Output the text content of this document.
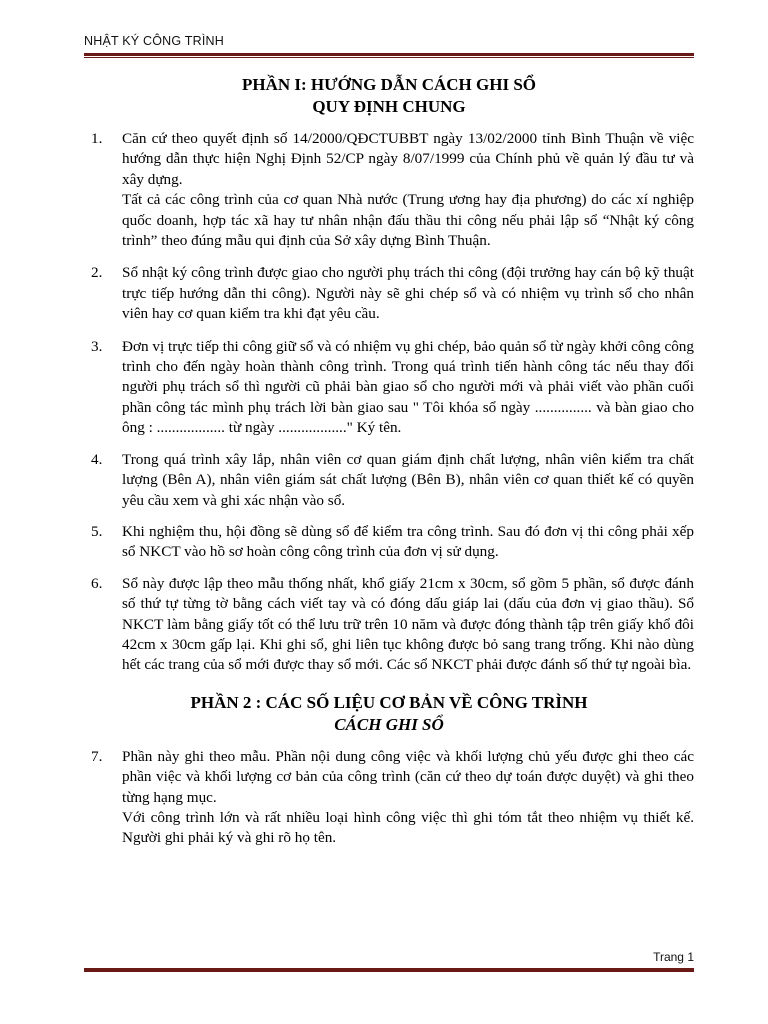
NHẬT KÝ CÔNG TRÌNH
PHẦN I: HƯỚNG DẪN CÁCH GHI SỔ
QUY ĐỊNH CHUNG
1.	Căn cứ theo quyết định số 14/2000/QĐCTUBBT ngày 13/02/2000 tỉnh Bình Thuận về việc hướng dẫn thực hiện Nghị Định 52/CP ngày 8/07/1999 của Chính phủ về quản lý đầu tư và xây dựng.

Tất cả các công trình của cơ quan Nhà nước (Trung ương hay địa phương) do các xí nghiệp quốc doanh, hợp tác xã hay tư nhân nhận đấu thầu thi công nếu phải lập sổ “Nhật ký công trình” theo đúng mẫu qui định của Sở xây dựng Bình Thuận.

2.	Sổ nhật ký công trình được giao cho người phụ trách thi công (đội trưởng hay cán bộ kỹ thuật trực tiếp hướng dẫn thi công). Người này sẽ ghi chép sổ và có nhiệm vụ trình sổ cho nhân viên hay cơ quan kiểm tra khi đạt yêu cầu.

3.	Đơn vị trực tiếp thi công giữ sổ và có nhiệm vụ ghi chép, bảo quản sổ từ ngày khởi công công trình cho đến ngày hoàn thành công trình. Trong quá trình tiến hành công tác nếu thay đổi người phụ trách sổ thì người cũ phải bàn giao sổ cho người mới và phải viết vào phần cuối phần công tác mình phụ trách lời bàn giao sau " Tôi khóa sổ ngày ............... và bàn giao cho ông : .................. từ ngày .................." Ký tên.

4.	Trong quá trình xây lắp, nhân viên cơ quan giám định chất lượng, nhân viên kiểm tra chất lượng (Bên A), nhân viên giám sát chất lượng (Bên B), nhân viên cơ quan thiết kế có quyền yêu cầu xem và ghi xác nhận vào sổ.

5.	Khi nghiệm thu, hội đồng sẽ dùng sổ để kiểm tra công trình. Sau đó đơn vị thi công phải xếp sổ NKCT vào hồ sơ hoàn công công trình của đơn vị sử dụng.

6.	Sổ này được lập theo mẫu thống nhất, khổ giấy 21cm x 30cm, sổ gồm 5 phần, sổ được đánh số thứ tự từng tờ bằng cách viết tay và có đóng dấu giáp lai (dấu của đơn vị giao thầu). Sổ NKCT làm bằng giấy tốt có thể lưu trữ trên 10 năm và được đóng thành tập trên giấy khổ đôi 42cm x 30cm gấp lại. Khi ghi sổ, ghi liên tục không được bỏ sang trang trống. Khi nào dùng hết các trang của sổ mới được thay sổ mới. Các sổ NKCT phải được đánh số thứ tự ngoài bìa.

PHẦN 2 : CÁC SỐ LIỆU CƠ BẢN VỀ CÔNG TRÌNH
CÁCH GHI SỔ
7.	Phần này ghi theo mẫu. Phần nội dung công việc và khối lượng chủ yếu được ghi theo các phần việc và khối lượng cơ bản của công trình (căn cứ theo dự toán được duyệt) và ghi theo từng hạng mục.

Với công trình lớn và rất nhiều loại hình công việc thì ghi tóm tắt theo nhiệm vụ thiết kế. Người ghi phải ký và ghi rõ họ tên.

Trang 1
